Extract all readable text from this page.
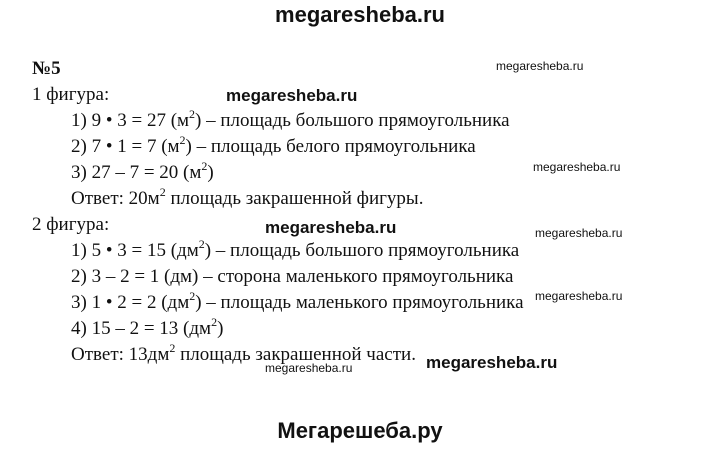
megaresheba.ru
Мегарешеба.ру
megaresheba.ru
megaresheba.ru
megaresheba.ru
megaresheba.ru	megaresheba.ru
megaresheba.ru
megaresheba.ru	megaresheba.ru
№5
1 фигура:
1) 9 • 3 = 27 $(м^2)$ – площадь большого прямоугольника
2) 7 • 1 = 7 $(м^2)$ – площадь белого прямоугольника
3) 27 – 7 = 20 $(м^2)$
Ответ: $20м^2$ площадь закрашенной фигуры.
2 фигура:
1) 5 • 3 = 15 $(дм^2)$ – площадь большого прямоугольника
2) 3 – 2 = 1 (дм) – сторона маленького прямоугольника
3) 1 • 2 = 2 $(дм^2)$ – площадь маленького прямоугольника
4) 15 – 2 = 13 $(дм^2)$
Ответ: $13дм^2$ площадь закрашенной части.
